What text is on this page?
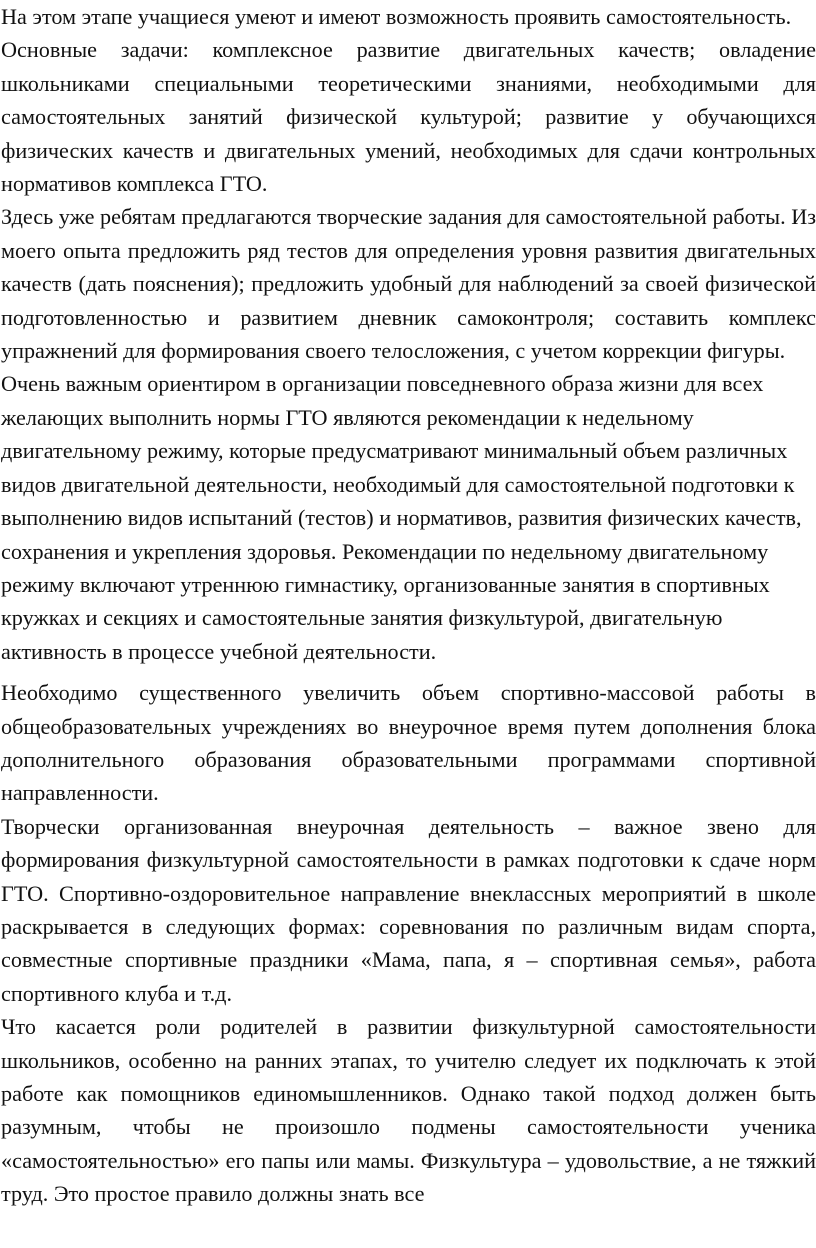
На этом этапе учащиеся умеют и имеют возможность проявить самостоятельность.

Основные задачи: комплексное развитие двигательных качеств; овладение школьниками специальными теоретическими знаниями, необходимыми для самостоятельных занятий физической культурой; развитие у обучающихся физических качеств и двигательных умений, необходимых для сдачи контрольных нормативов комплекса ГТО.

Здесь уже ребятам предлагаются творческие задания для самостоятельной работы. Из моего опыта предложить ряд тестов для определения уровня развития двигательных качеств (дать пояснения); предложить удобный для наблюдений за своей физической подготовленностью и развитием дневник самоконтроля; составить комплекс упражнений для формирования своего телосложения, с учетом коррекции фигуры.

Очень важным ориентиром в организации повседневного образа жизни для всех желающих выполнить нормы ГТО являются рекомендации к недельному двигательному режиму, которые предусматривают минимальный объем различных видов двигательной деятельности, необходимый для самостоятельной подготовки к выполнению видов испытаний (тестов) и нормативов, развития физических качеств, сохранения и укрепления здоровья. Рекомендации по недельному двигательному режиму включают утреннюю гимнастику, организованные занятия в спортивных кружках и секциях и самостоятельные занятия физкультурой, двигательную активность в процессе учебной деятельности.

Необходимо существенного увеличить объем спортивно-массовой работы в общеобразовательных учреждениях во внеурочное время путем дополнения блока дополнительного образования образовательными программами спортивной направленности.

Творчески организованная внеурочная деятельность – важное звено для формирования физкультурной самостоятельности в рамках подготовки к сдаче норм ГТО. Спортивно-оздоровительное направление внеклассных мероприятий в школе раскрывается в следующих формах: соревнования по различным видам спорта, совместные спортивные праздники «Мама, папа, я – спортивная семья», работа спортивного клуба и т.д.

Что касается роли родителей в развитии физкультурной самостоятельности школьников, особенно на ранних этапах, то учителю следует их подключать к этой работе как помощников единомышленников. Однако такой подход должен быть разумным, чтобы не произошло подмены самостоятельности ученика «самостоятельностью» его папы или мамы. Физкультура – удовольствие, а не тяжкий труд. Это простое правило должны знать все
